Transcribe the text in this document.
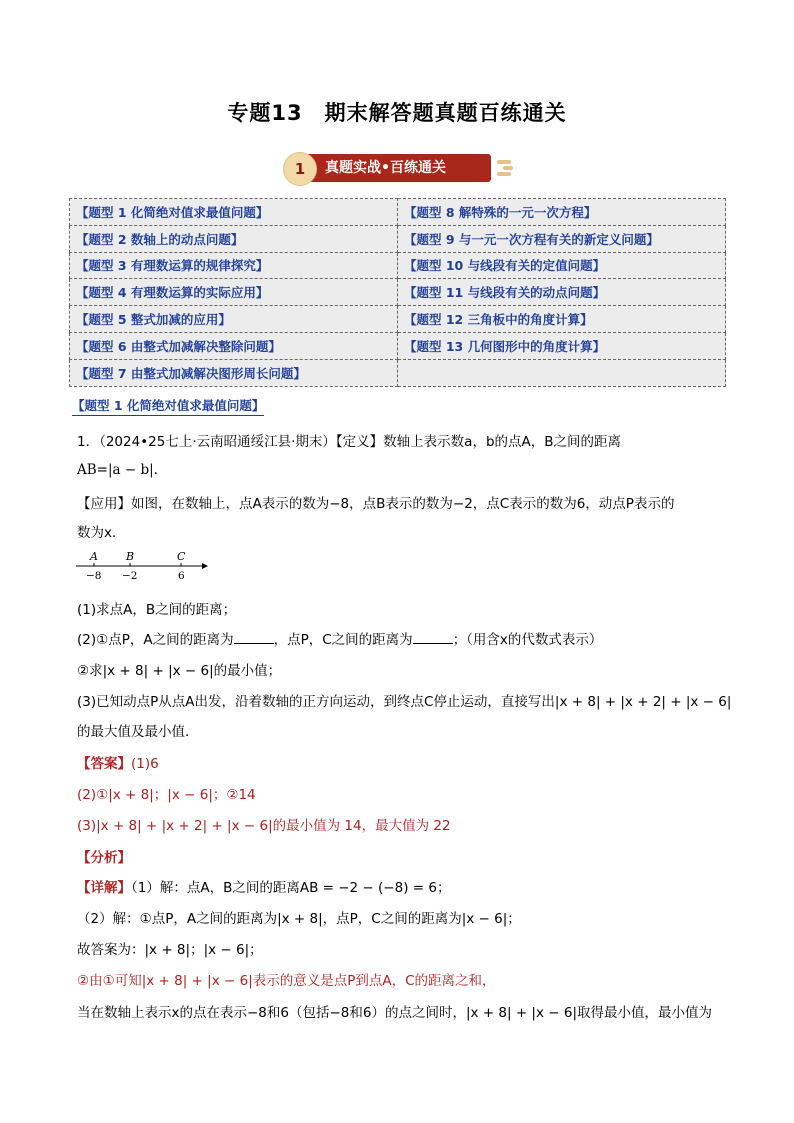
专题13　期末解答题真题百练通关
1	真题实战•百练通关
【题型 1 化简绝对值求最值问题】	【题型 8 解特殊的一元一次方程】
【题型 2 数轴上的动点问题】	【题型 9 与一元一次方程有关的新定义问题】
【题型 3 有理数运算的规律探究】	【题型 10 与线段有关的定值问题】
【题型 4 有理数运算的实际应用】	【题型 11 与线段有关的动点问题】
【题型 5 整式加减的应用】	【题型 12 三角板中的角度计算】
【题型 6 由整式加减解决整除问题】	【题型 13 几何图形中的角度计算】
【题型 7 由整式加减解决图形周长问题】	
【题型 1 化简绝对值求最值问题】
1．（2024•25七上·云南昭通绥江县·期末）【定义】数轴上表示数a，b的点A，B之间的距离
AB=|a − b|．
【应用】如图，在数轴上，点A表示的数为−8，点B表示的数为−2，点C表示的数为6，动点P表示的
数为x．
A	B	C
−8 −2	6
(1)求点A，B之间的距离；
(2)①点P，A之间的距离为	，点P，C之间的距离为	；（用含x的代数式表示）
②求|x + 8| + |x − 6|的最小值；
(3)已知动点P从点A出发，沿着数轴的正方向运动，到终点C停止运动，直接写出|x + 8| + |x + 2| + |x − 6|
的最大值及最小值．
【答案】(1)6
(2)①|x + 8|；|x − 6|；②14
(3)|x + 8| + |x + 2| + |x − 6|的最小值为 14，最大值为 22
【分析】
【详解】（1）解：点A，B之间的距离AB = −2 − (−8) = 6；
（2）解：①点P，A之间的距离为|x + 8|，点P，C之间的距离为|x − 6|；
故答案为：|x + 8|；|x − 6|；
②由①可知|x + 8| + |x − 6|表示的意义是点P到点A，C的距离之和，
当在数轴上表示x的点在表示−8和6（包括−8和6）的点之间时，|x + 8| + |x − 6|取得最小值，最小值为
